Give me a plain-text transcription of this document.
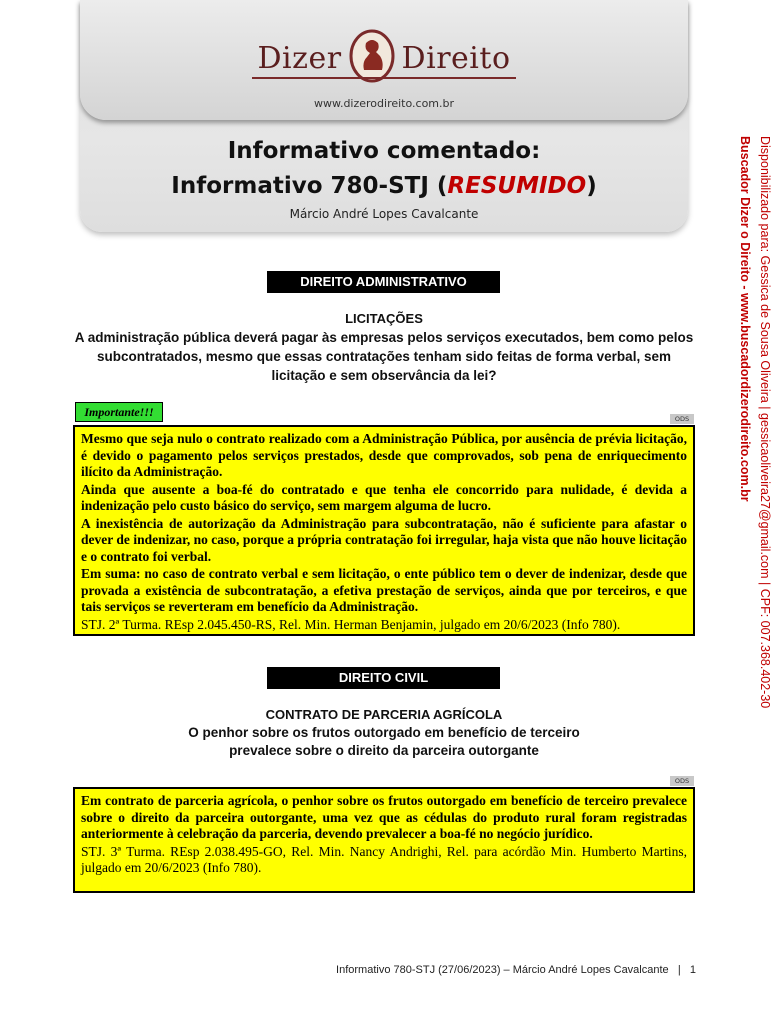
Dizer Direito
www.dizerodireito.com.br
Informativo comentado:
Informativo 780-STJ (RESUMIDO)
Márcio André Lopes Cavalcante	Buscador Dizer o Direito - www.buscadordizerodireito.com.br Disponibilizado para: Gessica de Sousa Oliveira | gessicaoliveira27@gmail.com | CPF: 007.368.402-30
DIREITO ADMINISTRATIVO
LICITAÇÕES
A administração pública deverá pagar às empresas pelos serviços executados, bem como pelos subcontratados, mesmo que essas contratações tenham sido feitas de forma verbal, sem licitação e sem observância da lei?
Importante!!!	ODS

Mesmo que seja nulo o contrato realizado com a Administração Pública, por ausência de prévia licitação, é devido o pagamento pelos serviços prestados, desde que comprovados, sob pena de enriquecimento ilícito da Administração.

Ainda que ausente a boa-fé do contratado e que tenha ele concorrido para nulidade, é devida a indenização pelo custo básico do serviço, sem margem alguma de lucro.

A inexistência de autorização da Administração para subcontratação, não é suficiente para afastar o dever de indenizar, no caso, porque a própria contratação foi irregular, haja vista que não houve licitação e o contrato foi verbal.

Em suma: no caso de contrato verbal e sem licitação, o ente público tem o dever de indenizar, desde que provada a existência de subcontratação, a efetiva prestação de serviços, ainda que por terceiros, e que tais serviços se reverteram em benefício da Administração.

STJ. 2ª Turma. REsp 2.045.450-RS, Rel. Min. Herman Benjamin, julgado em 20/6/2023 (Info 780).

DIREITO CIVIL
CONTRATO DE PARCERIA AGRÍCOLA
O penhor sobre os frutos outorgado em benefício de terceiro
prevalece sobre o direito da parceira outorgante
ODS

Em contrato de parceria agrícola, o penhor sobre os frutos outorgado em benefício de terceiro prevalece sobre o direito da parceira outorgante, uma vez que as cédulas do produto rural foram registradas anteriormente à celebração da parceria, devendo prevalecer a boa-fé no negócio jurídico.

STJ. 3ª Turma. REsp 2.038.495-GO, Rel. Min. Nancy Andrighi, Rel. para acórdão Min. Humberto Martins, julgado em 20/6/2023 (Info 780).

Informativo 780-STJ (27/06/2023) – Márcio André Lopes Cavalcante | 1
